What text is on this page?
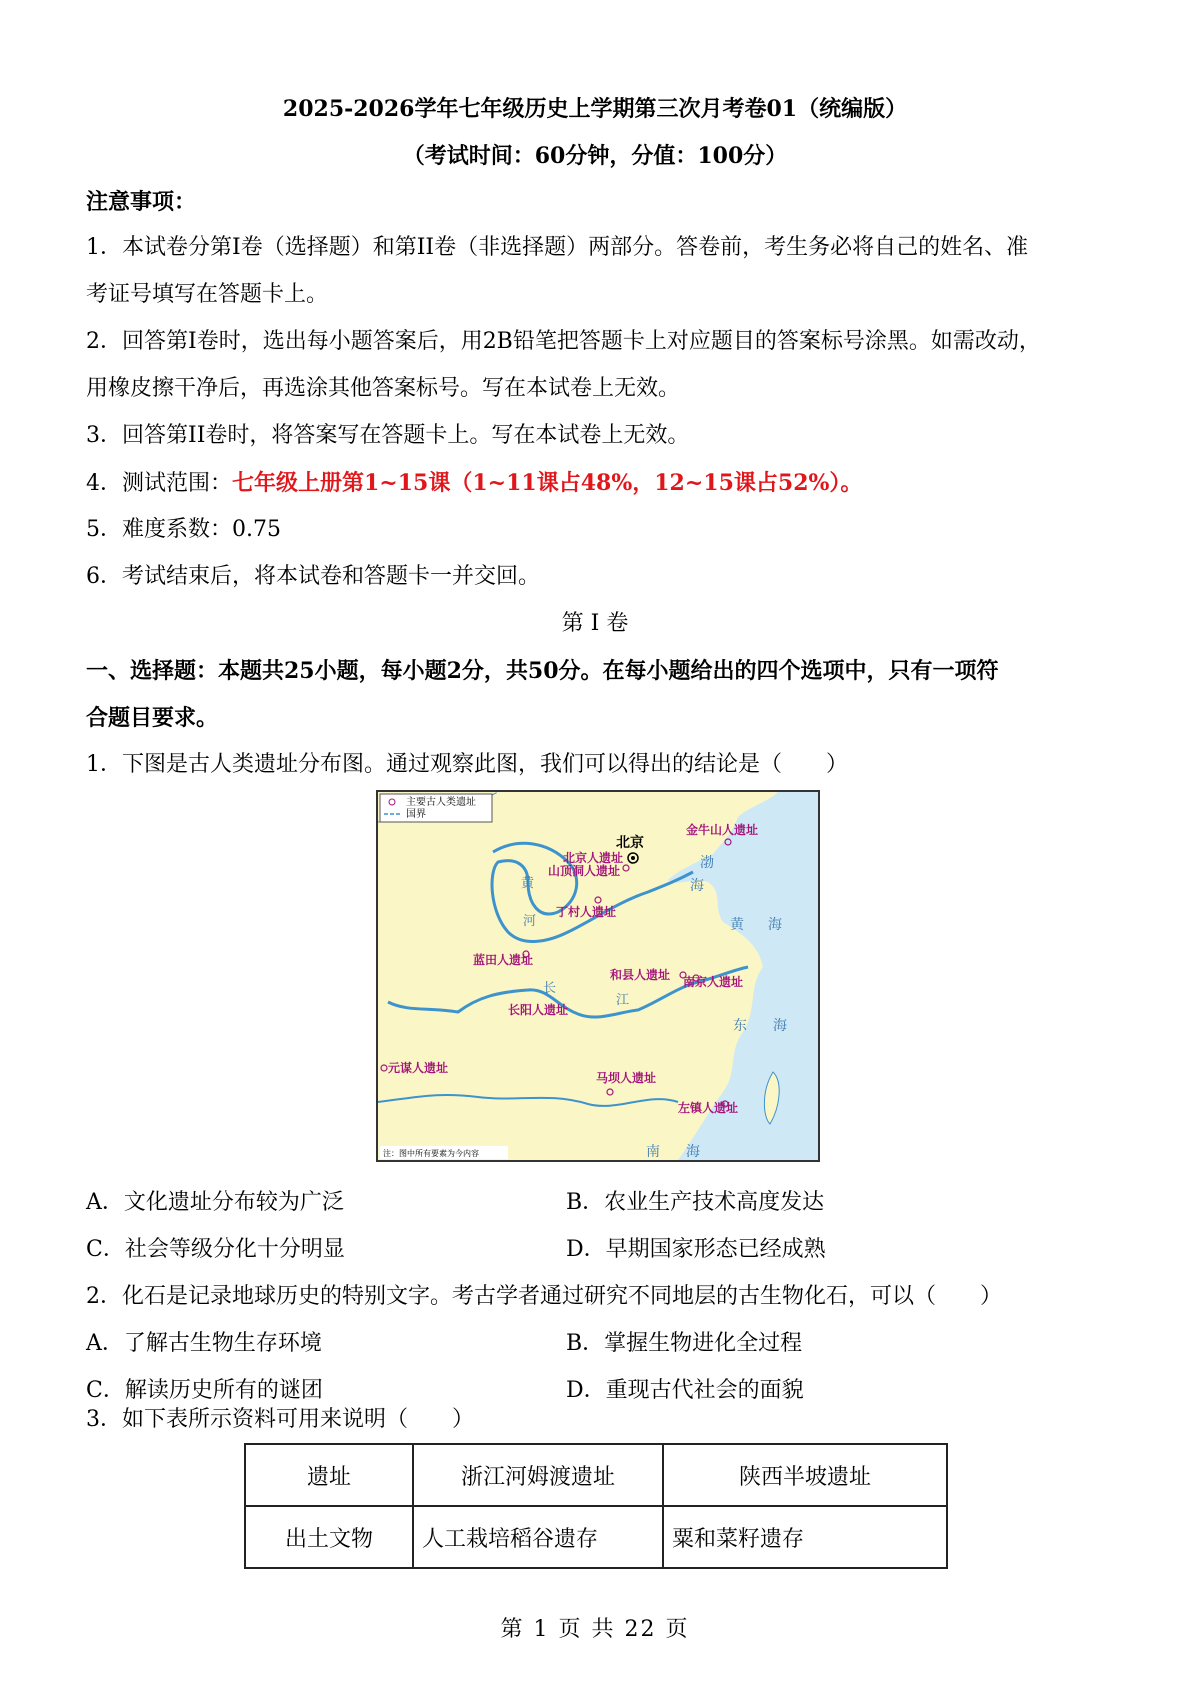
2025-2026学年七年级历史上学期第三次月考卷01（统编版）
（考试时间：60分钟，分值：100分）
注意事项：
1．本试卷分第I卷（选择题）和第II卷（非选择题）两部分。答卷前，考生务必将自己的姓名、准
考证号填写在答题卡上。
2．回答第I卷时，选出每小题答案后，用2B铅笔把答题卡上对应题目的答案标号涂黑。如需改动，
用橡皮擦干净后，再选涂其他答案标号。写在本试卷上无效。
3．回答第II卷时，将答案写在答题卡上。写在本试卷上无效。
4．测试范围：七年级上册第1~15课（1~11课占48%，12~15课占52%）。
5．难度系数：0.75
6．考试结束后，将本试卷和答题卡一并交回。
第 I 卷
一、选择题：本题共25小题，每小题2分，共50分。在每小题给出的四个选项中，只有一项符
合题目要求。
1．下图是古人类遗址分布图。通过观察此图，我们可以得出的结论是（　　）
主要古人类遗址
国界
北京
北京人遗址
山顶洞人遗址
金牛山人遗址
丁村人遗址
蓝田人遗址
和县人遗址 南京人遗址
长阳人遗址
元谋人遗址
马坝人遗址
左镇人遗址
渤
海
黄 海
东 海
南 海
黄
河
长
江
注：图中所有要素为今内容
A．文化遗址分布较为广泛	B．农业生产技术高度发达
C．社会等级分化十分明显	D．早期国家形态已经成熟
2．化石是记录地球历史的特别文字。考古学者通过研究不同地层的古生物化石，可以（　　）
A．了解古生物生存环境	B．掌握生物进化全过程
C．解读历史所有的谜团	D．重现古代社会的面貌
3．如下表所示资料可用来说明（　　）
遗址	浙江河姆渡遗址	陕西半坡遗址
出土文物	人工栽培稻谷遗存	粟和菜籽遗存
第 1 页 共 22 页
